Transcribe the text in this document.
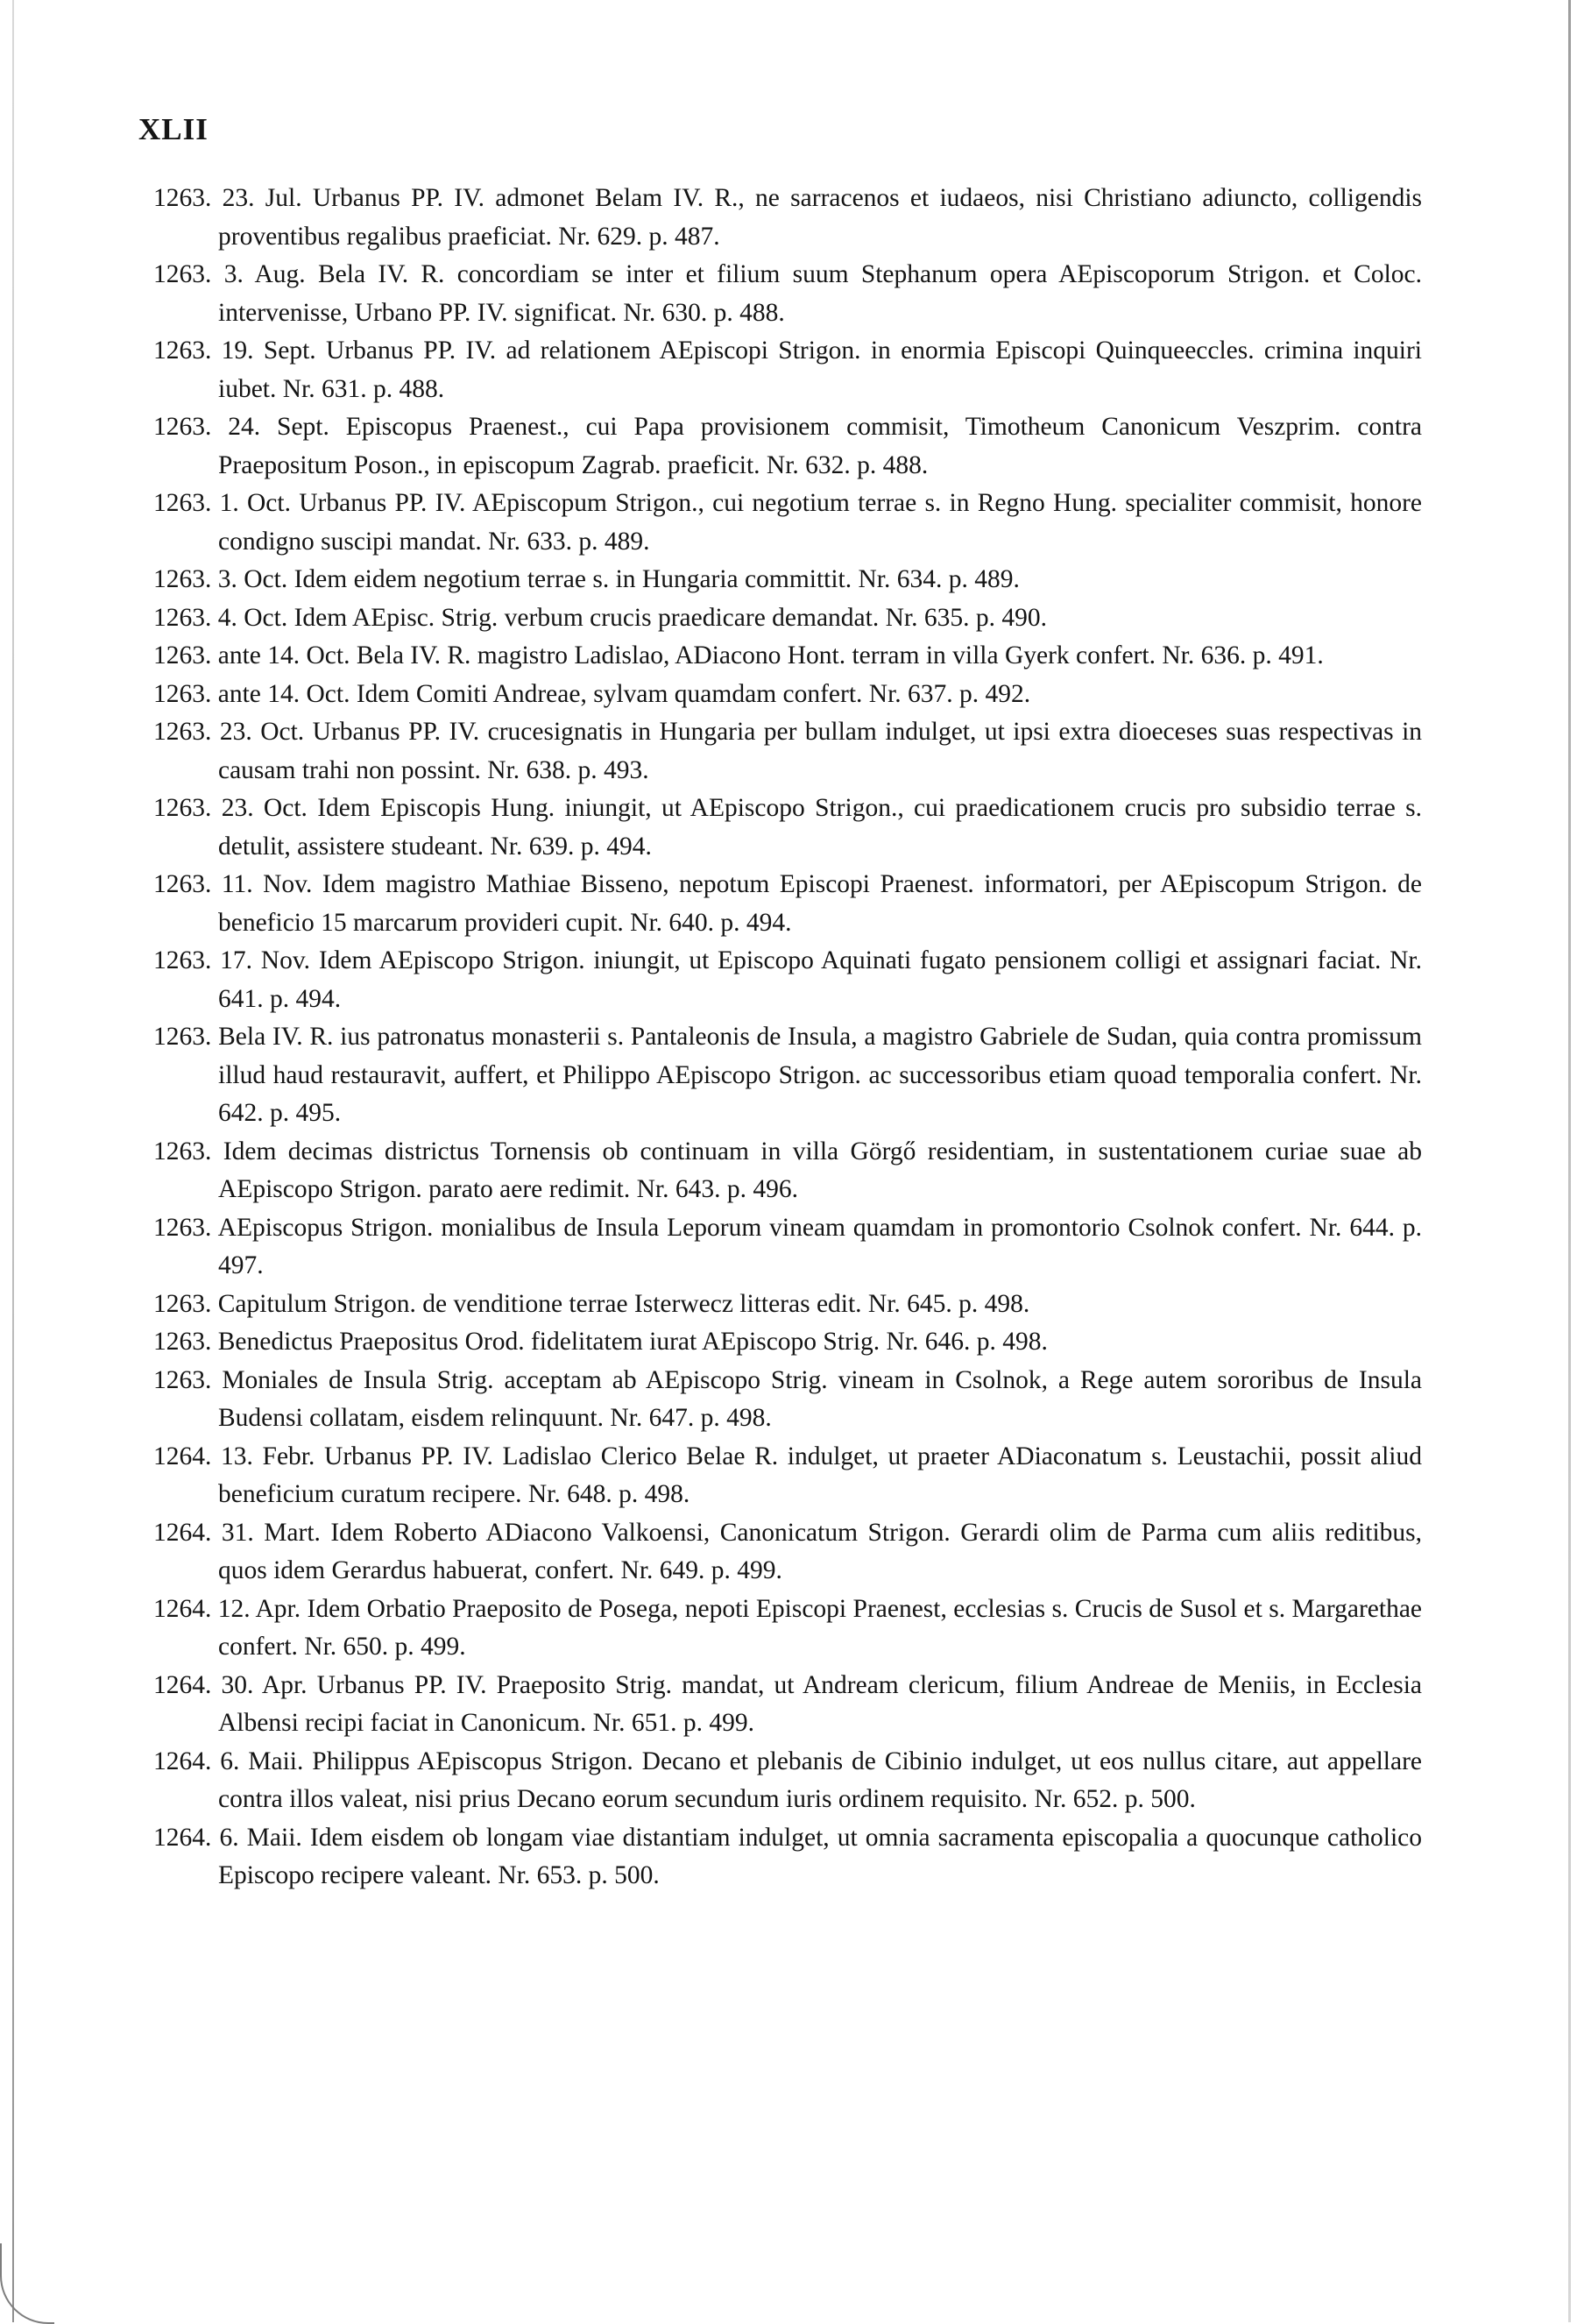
XLII

1263. 23. Jul. Urbanus PP. IV. admonet Belam IV. R., ne sarracenos et iudaeos, nisi Christiano adiuncto, colligendis proventibus regalibus praeficiat. Nr. 629. p. 487.

1263. 3. Aug. Bela IV. R. concordiam se inter et filium suum Stephanum opera AEpiscoporum Strigon. et Coloc. intervenisse, Urbano PP. IV. significat. Nr. 630. p. 488.

1263. 19. Sept. Urbanus PP. IV. ad relationem AEpiscopi Strigon. in enormia Episcopi Quinqueeccles. crimina inquiri iubet. Nr. 631. p. 488.

1263. 24. Sept. Episcopus Praenest., cui Papa provisionem commisit, Timotheum Canonicum Veszprim. contra Praepositum Poson., in episcopum Zagrab. praeficit. Nr. 632. p. 488.

1263. 1. Oct. Urbanus PP. IV. AEpiscopum Strigon., cui negotium terrae s. in Regno Hung. specialiter commisit, honore condigno suscipi mandat. Nr. 633. p. 489.

1263. 3. Oct. Idem eidem negotium terrae s. in Hungaria committit. Nr. 634. p. 489.

1263. 4. Oct. Idem AEpisc. Strig. verbum crucis praedicare demandat. Nr. 635. p. 490.

1263. ante 14. Oct. Bela IV. R. magistro Ladislao, ADiacono Hont. terram in villa Gyerk confert. Nr. 636. p. 491.

1263. ante 14. Oct. Idem Comiti Andreae, sylvam quamdam confert. Nr. 637. p. 492.

1263. 23. Oct. Urbanus PP. IV. crucesignatis in Hungaria per bullam indulget, ut ipsi extra dioeceses suas respectivas in causam trahi non possint. Nr. 638. p. 493.

1263. 23. Oct. Idem Episcopis Hung. iniungit, ut AEpiscopo Strigon., cui praedicationem crucis pro subsidio terrae s. detulit, assistere studeant. Nr. 639. p. 494.

1263. 11. Nov. Idem magistro Mathiae Bisseno, nepotum Episcopi Praenest. informatori, per AEpiscopum Strigon. de beneficio 15 marcarum provideri cupit. Nr. 640. p. 494.

1263. 17. Nov. Idem AEpiscopo Strigon. iniungit, ut Episcopo Aquinati fugato pensionem colligi et assignari faciat. Nr. 641. p. 494.

1263. Bela IV. R. ius patronatus monasterii s. Pantaleonis de Insula, a magistro Gabriele de Sudan, quia contra promissum illud haud restauravit, auffert, et Philippo AEpiscopo Strigon. ac successoribus etiam quoad temporalia confert. Nr. 642. p. 495.

1263. Idem decimas districtus Tornensis ob continuam in villa Görgő residentiam, in sustentationem curiae suae ab AEpiscopo Strigon. parato aere redimit. Nr. 643. p. 496.

1263. AEpiscopus Strigon. monialibus de Insula Leporum vineam quamdam in promontorio Csolnok confert. Nr. 644. p. 497.

1263. Capitulum Strigon. de venditione terrae Isterwecz litteras edit. Nr. 645. p. 498.

1263. Benedictus Praepositus Orod. fidelitatem iurat AEpiscopo Strig. Nr. 646. p. 498.

1263. Moniales de Insula Strig. acceptam ab AEpiscopo Strig. vineam in Csolnok, a Rege autem sororibus de Insula Budensi collatam, eisdem relinquunt. Nr. 647. p. 498.

1264. 13. Febr. Urbanus PP. IV. Ladislao Clerico Belae R. indulget, ut praeter ADiaconatum s. Leustachii, possit aliud beneficium curatum recipere. Nr. 648. p. 498.

1264. 31. Mart. Idem Roberto ADiacono Valkoensi, Canonicatum Strigon. Gerardi olim de Parma cum aliis reditibus, quos idem Gerardus habuerat, confert. Nr. 649. p. 499.

1264. 12. Apr. Idem Orbatio Praeposito de Posega, nepoti Episcopi Praenest, ecclesias s. Crucis de Susol et s. Margarethae confert. Nr. 650. p. 499.

1264. 30. Apr. Urbanus PP. IV. Praeposito Strig. mandat, ut Andream clericum, filium Andreae de Meniis, in Ecclesia Albensi recipi faciat in Canonicum. Nr. 651. p. 499.

1264. 6. Maii. Philippus AEpiscopus Strigon. Decano et plebanis de Cibinio indulget, ut eos nullus citare, aut appellare contra illos valeat, nisi prius Decano eorum secundum iuris ordinem requisito. Nr. 652. p. 500.

1264. 6. Maii. Idem eisdem ob longam viae distantiam indulget, ut omnia sacramenta episcopalia a quocunque catholico Episcopo recipere valeant. Nr. 653. p. 500.
